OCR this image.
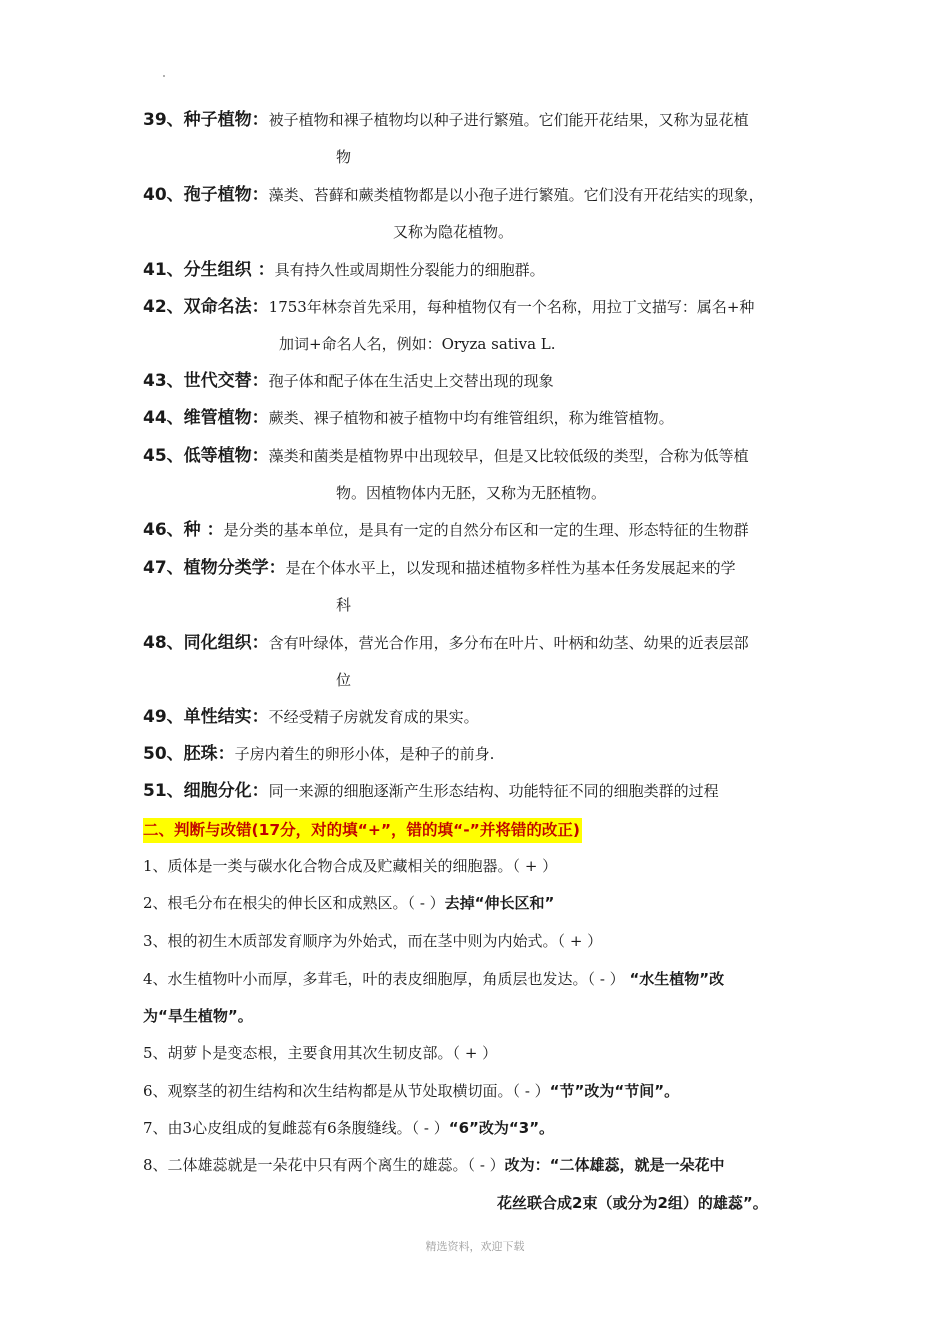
39、种子植物：被子植物和裸子植物均以种子进行繁殖。它们能开花结果，又称为显花植
物
40、孢子植物：藻类、苔藓和蕨类植物都是以小孢子进行繁殖。它们没有开花结实的现象，
又称为隐花植物。
41、分生组织 ：具有持久性或周期性分裂能力的细胞群。
42、双命名法：1753年林奈首先采用，每种植物仅有一个名称，用拉丁文描写：属名+种
加词+命名人名，例如：Oryza sativa L.
43、世代交替：孢子体和配子体在生活史上交替出现的现象
44、维管植物：蕨类、裸子植物和被子植物中均有维管组织，称为维管植物。
45、低等植物：藻类和菌类是植物界中出现较早，但是又比较低级的类型，合称为低等植
物。因植物体内无胚，又称为无胚植物。
46、种 ：是分类的基本单位，是具有一定的自然分布区和一定的生理、形态特征的生物群
47、植物分类学：是在个体水平上，以发现和描述植物多样性为基本任务发展起来的学
科
48、同化组织：含有叶绿体，营光合作用，多分布在叶片、叶柄和幼茎、幼果的近表层部
位
49、单性结实：不经受精子房就发育成的果实。
50、胚珠：子房内着生的卵形小体，是种子的前身.
51、细胞分化：同一来源的细胞逐渐产生形态结构、功能特征不同的细胞类群的过程
二、判断与改错(17分，对的填“+”，错的填“-”并将错的改正)
1、质体是一类与碳水化合物合成及贮藏相关的细胞器。（ + ）
2、根毛分布在根尖的伸长区和成熟区。（ - ）去掉“伸长区和”
3、根的初生木质部发育顺序为外始式，而在茎中则为内始式。（ + ）
4、水生植物叶小而厚，多茸毛，叶的表皮细胞厚，角质层也发达。（ - ） “水生植物”改
为“旱生植物”。
5、胡萝卜是变态根，主要食用其次生韧皮部。（ + ）
6、观察茎的初生结构和次生结构都是从节处取横切面。（ - ）“节”改为“节间”。
7、由3心皮组成的复雌蕊有6条腹缝线。（ - ）“6”改为“3”。
8、二体雄蕊就是一朵花中只有两个离生的雄蕊。（ - ）改为：“二体雄蕊，就是一朵花中
花丝联合成2束（或分为2组）的雄蕊”。
精选资料，欢迎下载
